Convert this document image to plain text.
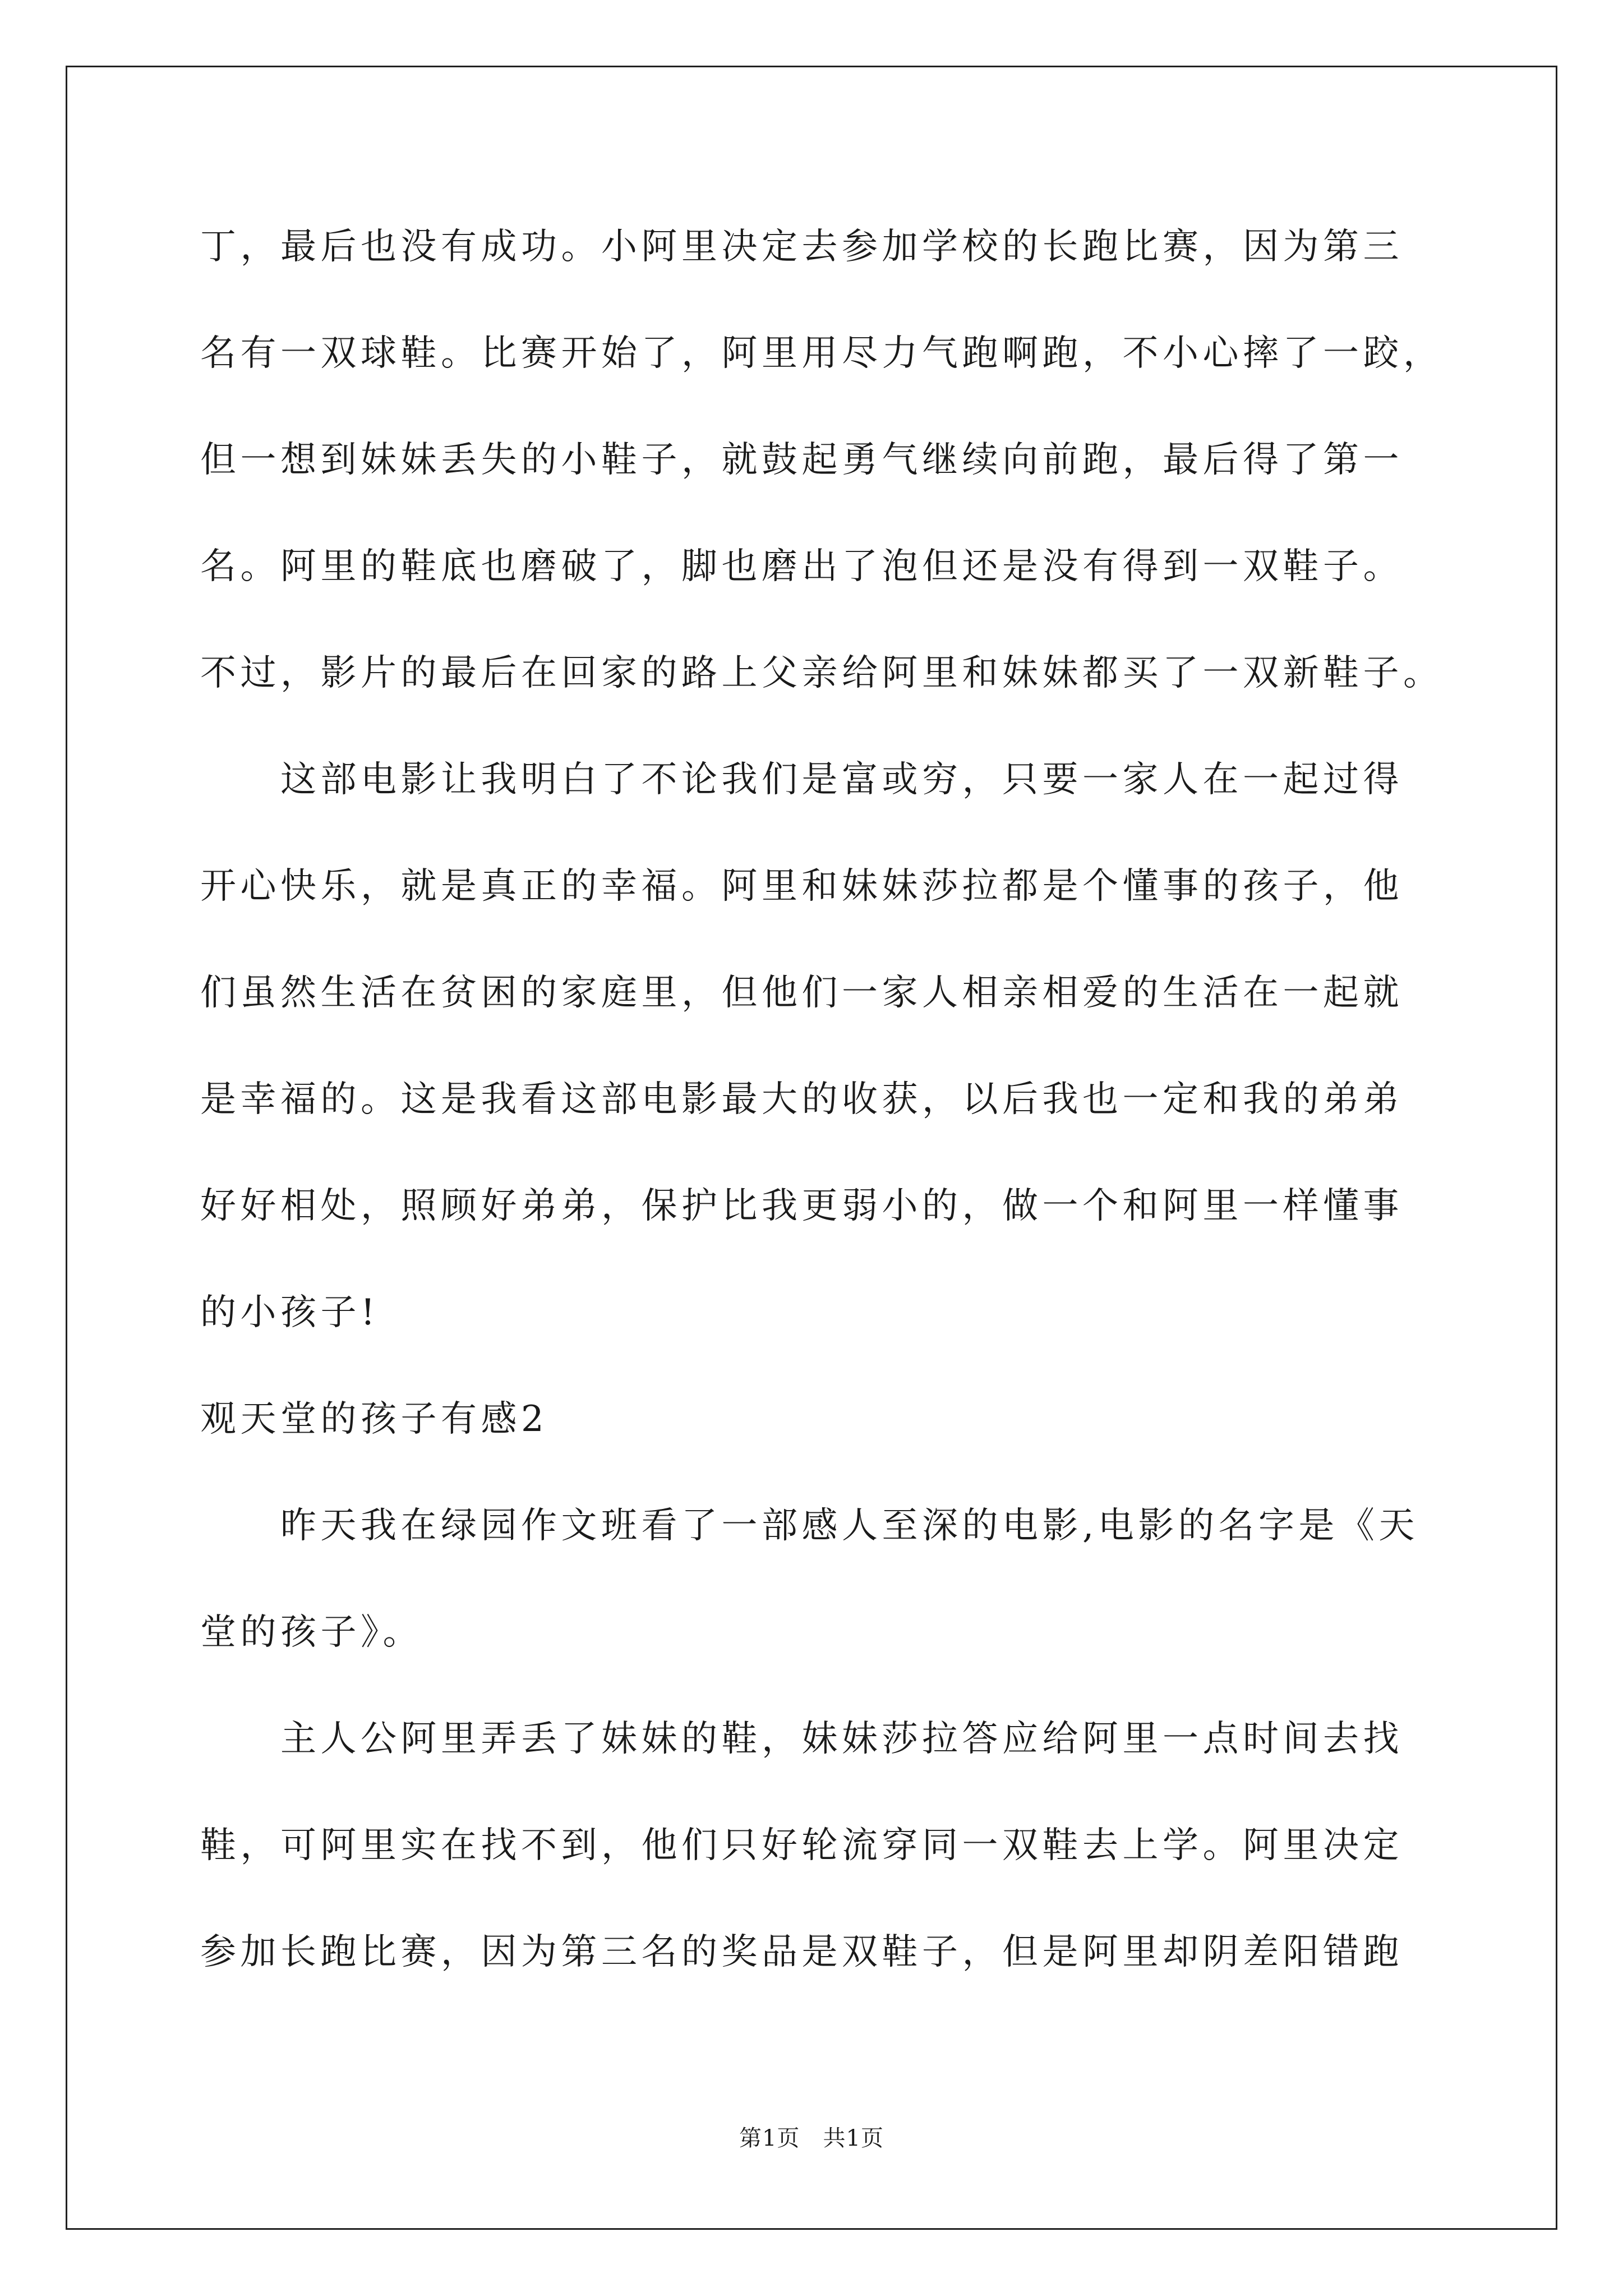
丁，最后也没有成功。小阿里决定去参加学校的长跑比赛，因为第三
名有一双球鞋。比赛开始了，阿里用尽力气跑啊跑，不小心摔了一跤，
但一想到妹妹丢失的小鞋子，就鼓起勇气继续向前跑，最后得了第一
名。阿里的鞋底也磨破了，脚也磨出了泡但还是没有得到一双鞋子。
不过，影片的最后在回家的路上父亲给阿里和妹妹都买了一双新鞋子。
这部电影让我明白了不论我们是富或穷，只要一家人在一起过得
开心快乐，就是真正的幸福。阿里和妹妹莎拉都是个懂事的孩子，他
们虽然生活在贫困的家庭里，但他们一家人相亲相爱的生活在一起就
是幸福的。这是我看这部电影最大的收获，以后我也一定和我的弟弟
好好相处，照顾好弟弟，保护比我更弱小的，做一个和阿里一样懂事
的小孩子!
观天堂的孩子有感2
昨天我在绿园作文班看了一部感人至深的电影,电影的名字是《天
堂的孩子》。
主人公阿里弄丢了妹妹的鞋，妹妹莎拉答应给阿里一点时间去找
鞋，可阿里实在找不到，他们只好轮流穿同一双鞋去上学。阿里决定
参加长跑比赛，因为第三名的奖品是双鞋子，但是阿里却阴差阳错跑
第1页   共1页
